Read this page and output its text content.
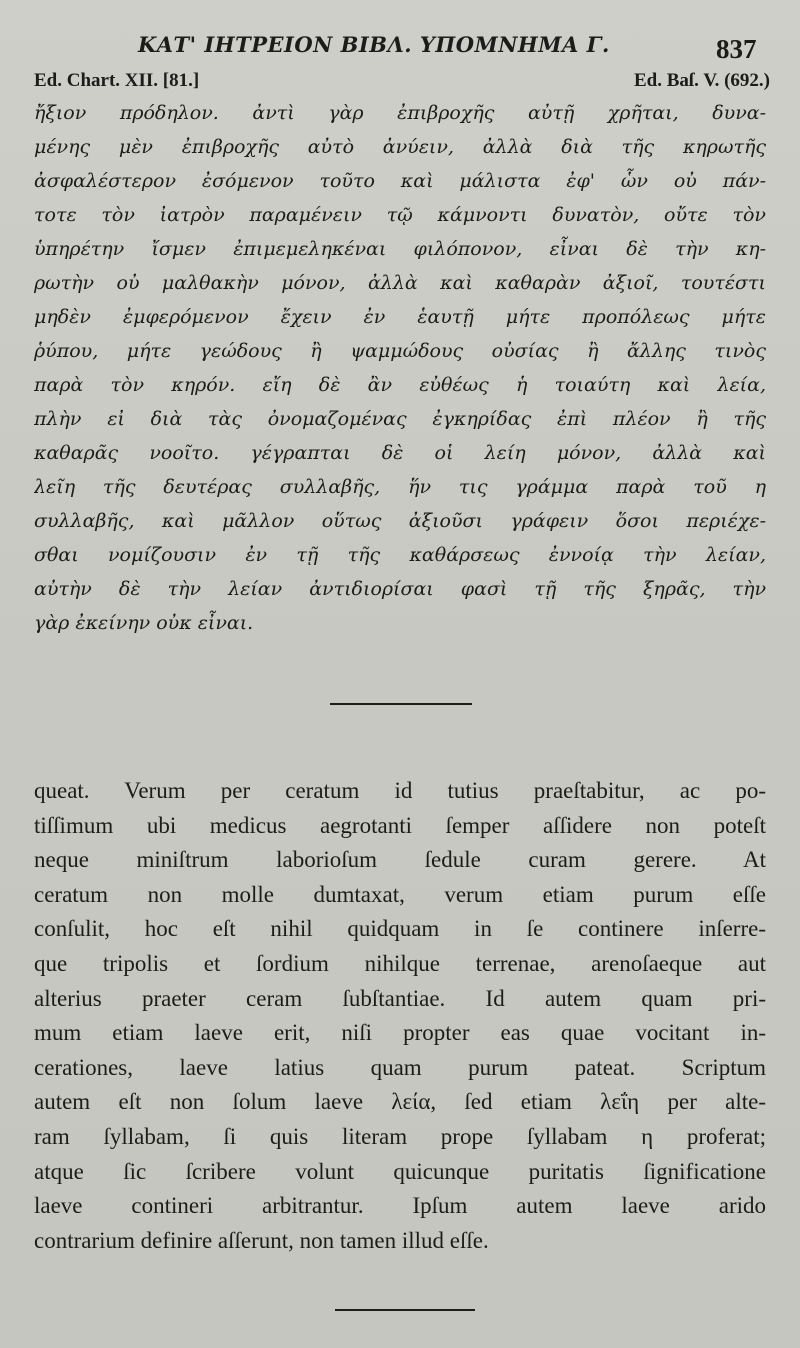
ΚΑΤ' ΙΗΤΡΕΙΟΝ ΒΙΒΛ. ΥΠΟΜΝΗΜΑ Γ.	837
Ed. Chart. XII. [81.]	Ed. Baſ. V. (692.)
ἤξιον πρόδηλον. ἀντὶ γὰρ ἐπιβροχῆς αὐτῇ χρῆται, δυνα-
μένης μὲν ἐπιβροχῆς αὐτὸ ἀνύειν, ἀλλὰ διὰ τῆς κηρωτῆς
ἀσφαλέστερον ἐσόμενον τοῦτο καὶ μάλιστα ἐφ' ὧν οὐ πάν-
τοτε τὸν ἰατρὸν παραμένειν τῷ κάμνοντι δυνατὸν, οὔτε τὸν
ὑπηρέτην ἴσμεν ἐπιμεμεληκέναι φιλόπονον, εἶναι δὲ τὴν κη-
ρωτὴν οὐ μαλθακὴν μόνον, ἀλλὰ καὶ καθαρὰν ἀξιοῖ, τουτέστι
μηδὲν ἐμφερόμενον ἔχειν ἐν ἑαυτῇ μήτε προπόλεως μήτε
ῥύπου, μήτε γεώδους ἢ ψαμμώδους οὐσίας ἢ ἄλλης τινὸς
παρὰ τὸν κηρόν. εἴη δὲ ἂν εὐθέως ἡ τοιαύτη καὶ λεία,
πλὴν εἰ διὰ τὰς ὀνομαζομένας ἐγκηρίδας ἐπὶ πλέον ἢ τῆς
καθαρᾶς νοοῖτο. γέγραπται δὲ οἱ λείη μόνον, ἀλλὰ καὶ
λεῖη τῆς δευτέρας συλλαβῆς, ἥν τις γράμμα παρὰ τοῦ η
συλλαβῆς, καὶ μᾶλλον οὕτως ἀξιοῦσι γράφειν ὅσοι περιέχε-
σθαι νομίζουσιν ἐν τῇ τῆς καθάρσεως ἐννοίᾳ τὴν λείαν,
αὐτὴν δὲ τὴν λείαν ἀντιδιορίσαι φασὶ τῇ τῆς ξηρᾶς, τὴν
γὰρ ἐκείνην οὐκ εἶναι.
queat. Verum per ceratum id tutius praeſtabitur, ac po-
tiſſimum ubi medicus aegrotanti ſemper aſſidere non poteſt
neque miniſtrum laborioſum ſedule curam gerere. At
ceratum non molle dumtaxat, verum etiam purum eſſe
conſulit, hoc eſt nihil quidquam in ſe continere inſerre-
que tripolis et ſordium nihilque terrenae, arenoſaeque aut
alterius praeter ceram ſubſtantiae. Id autem quam pri-
mum etiam laeve erit, niſi propter eas quae vocitant in-
cerationes, laeve latius quam purum pateat. Scriptum
autem eſt non ſolum laeve λεία, ſed etiam λεΐη per alte-
ram ſyllabam, ſi quis literam prope ſyllabam η proferat;
atque ſic ſcribere volunt quicunque puritatis ſignificatione
laeve contineri arbitrantur. Ipſum autem laeve arido
contrarium definire aſſerunt, non tamen illud eſſe.
